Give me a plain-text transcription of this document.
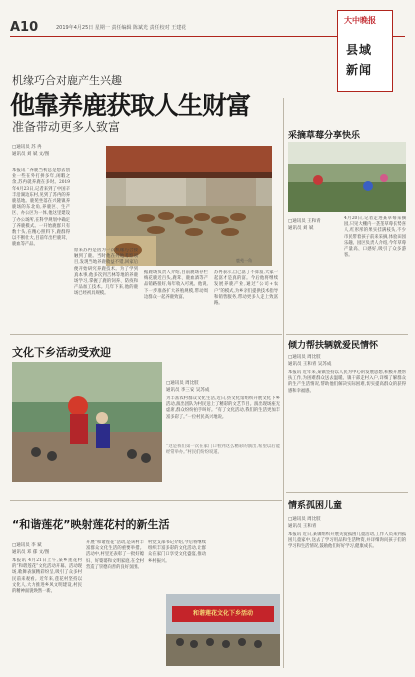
A10	2019年4月25日 星期一 责任编辑 陈斌光 责任校对 王建花
大中晚报
县域
新闻
机缘巧合对鹿产生兴趣
他靠养鹿获取人生财富
准备带动更多人致富
□通讯员 苏 冉
通讯员 刘 斌 文/图
鹿苑一角
本报讯 “养鹿当初总是想去创业一些在外打拼多年,闲暇之余,苏冉就养鹿在多时。2019年4月23日,记者来到了中国辛丰沿湖边东村,见到了苏冉的养鹿基地。鹿苑坐落在兴隆镇养鹿场的东北角,养鹿区、生产区、办公区为一体,他这里建设了办公场所,在科学规划中确定了养鹿模式。一开始鹿群只有数十头,在精心照料下,鹿群得以不断壮大,目前年出栏鹿茸、鹿血等产品。
原来苏冉是因为一次机缘巧合接触到了鹿。当时他在外地考察项目,发现当地养鹿收益不错,回家后便开始研究养鹿技术。为了学到真本事,他多次到吉林等地的养鹿场学习,掌握了鹿的饲养、防疫和产品加工技术。几年下来,他的鹿场已经初具规模。
据鹿场负责人介绍,目前鹿场存栏梅花鹿近百头,鹿茸、鹿血酒等产品销路很好,每年收入可观。他说,下一步准备扩大养殖规模,带动周边群众一起养鹿致富。
苏冉表示,自己富了不算富,大家一起富才是真的富。今后他将继续发展养鹿产业,通过“公司+农户”的模式,为乡亲们提供技术指导和销售服务,带动更多人走上致富路。
采摘草莓分享快乐
□通讯员 王和青
通讯员 刘 斌
4月20日,记者走进某草莓采摘园,只见大棚内一垄垄草莓长势喜人,红彤彤的果实挂满枝头,不少市民带着孩子前来采摘,体验田园乐趣。园区负责人介绍,今年草莓产量高、口感好,吸引了众多游客。
倾力帮扶辆就爱民情怀
□通讯员 周比肢
通讯员 王和青 吴苏成
本报讯 近年来,某镇坚持以人民为中心的发展思想,积极开展帮扶工作,为困难群众送去温暖。镇干部走村入户,详细了解群众的生产生活情况,帮助他们解决实际困难,切实提高群众的获得感和幸福感。
情系孤困儿童
□通讯员 周比肢
通讯员 王和青
本报讯 近日,某镇组织开展关爱孤困儿童活动,工作人员来到孤困儿童家中,送去了学习用品和生活物资,并详细询问孩子们的学习和生活情况,鼓励他们好好学习,健康成长。
文化下乡活动受欢迎
□通讯员 周比肢
通讯员 李三安 吴苏成
为丰富农村群众文化生活,近日,县文化馆组织开展文化下乡活动,演出团队为村民送上了精彩的文艺节目。演出现场座无虚席,群众纷纷拍手叫好。“有了文化活动,我们的生活更加丰富多彩了。”一位村民高兴地说。
“这是我们第一次在家门口看到这么精彩的演出,希望以后能经常举办。”村民们纷纷说道。
“和谐莲花”映射莲花村的新生活
□通讯员 李 斌
通讯员 邓 郁 文/图
本报讯 4月21日上午,某乡莲花村的“和谐莲花”文化活动开幕。活动现场,歌舞表演精彩纷呈,吸引了众多村民前来观看。近年来,莲花村坚持以文化人,大力推进乡风文明建设,村民的精神面貌焕然一新。
开展“和谐莲花”活动,是该村丰富群众文化生活的重要举措。活动中,村里还表彰了一批好媳妇、好婆婆和文明家庭,在全村营造了崇德向善的良好氛围。
村党支部书记介绍,今后将继续组织丰富多彩的文化活动,让群众在家门口享受文化盛宴,推动乡村振兴。
和谐莲花文化下乡活动
